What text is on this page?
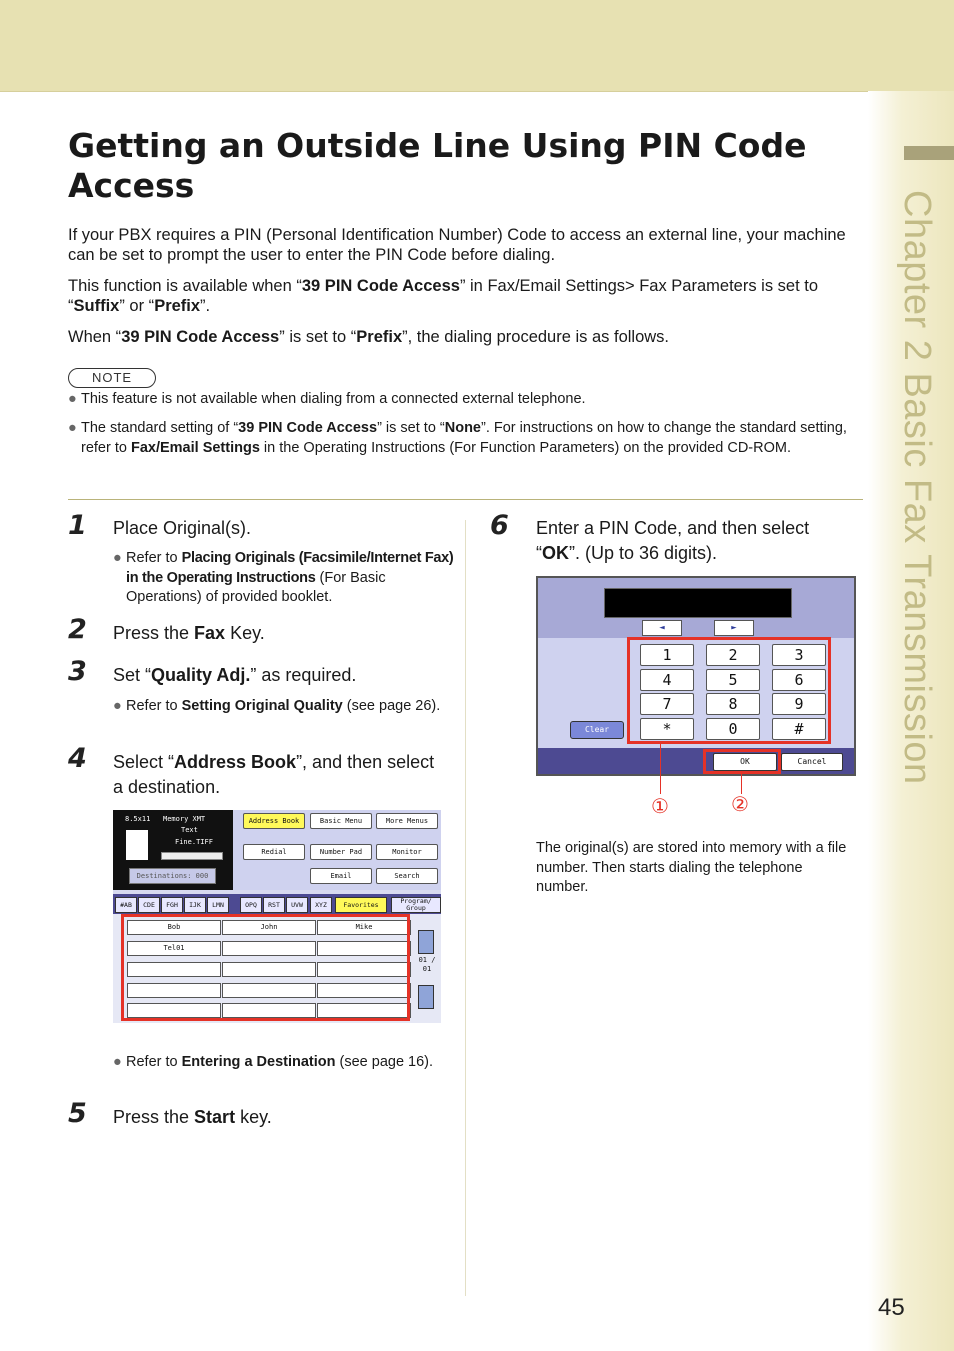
Chapter 2 Basic Fax Transmission
45
Getting an Outside Line Using PIN Code Access

If your PBX requires a PIN (Personal Identification Number) Code to access an external line, your machine can be set to prompt the user to enter the PIN Code before dialing.

This function is available when “39 PIN Code Access” in Fax/Email Settings> Fax Parameters is set to “Suffix” or “Prefix”.

When “39 PIN Code Access” is set to “Prefix”, the dialing procedure is as follows.

NOTE

● This feature is not available when dialing from a connected external telephone.

● The standard setting of “39 PIN Code Access” is set to “None”. For instructions on how to change the standard setting, refer to Fax/Email Settings in the Operating Instructions (For Function Parameters) on the provided CD-ROM.

1 Place Original(s).

● Refer to Placing Originals (Facsimile/Internet Fax) in the Operating Instructions (For Basic Operations) of provided booklet.

2 Press the Fax Key.

3 Set “Quality Adj.” as required.

● Refer to Setting Original Quality (see page 26).

4 Select “Address Book”, and then select a destination.

8.5x11 Memory XMT
Text
Fine.TIFF
Destinations: 000
Address Book	Basic Menu	More Menus
Redial	Number Pad	Monitor
Email	Search
#AB	CDE	FGH	IJK	LMN	OPQ	RST	UVW	XYZ	Favorites	Program/ Group
Bob	John	Mike
Tel01
01 / 01

● Refer to Entering a Destination (see page 16).

5 Press the Start key.

6 Enter a PIN Code, and then select “OK”. (Up to 36 digits).

◄	►
1	2	3
4	5	6
7	8	9
*	0	#
Clear
OK	Cancel
①	②

The original(s) are stored into memory with a file number. Then starts dialing the telephone number.
